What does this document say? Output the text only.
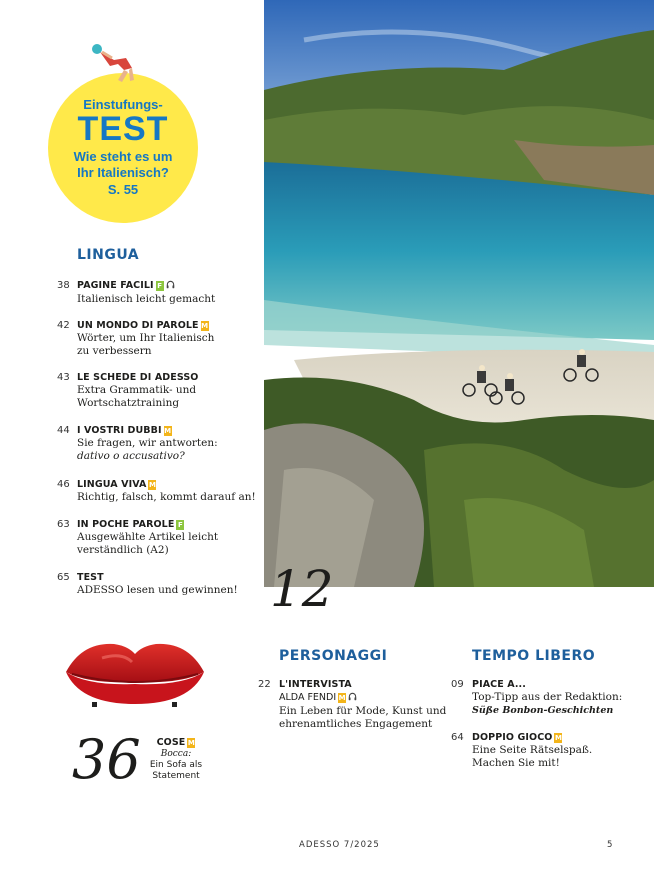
Einstufungs-
TEST
Wie steht es um
Ihr Italienisch?
S. 55
LINGUA
38 PAGINE FACILI F
Italienisch leicht gemacht
42 UN MONDO DI PAROLE M
Wörter, um Ihr Italienisch
zu verbessern
43 LE SCHEDE DI ADESSO
Extra Grammatik- und
Wortschatztraining
44 I VOSTRI DUBBI M
Sie fragen, wir antworten:
dativo o accusativo?
46 LINGUA VIVA M
Richtig, falsch, kommt darauf an!
63 IN POCHE PAROLE F
Ausgewählte Artikel leicht
verständlich (A2)
65 TEST
ADESSO lesen und gewinnen! 12
PERSONAGGI
22 L'INTERVISTA
ALDA FENDI M
Ein Leben für Mode, Kunst und
ehrenamtliches Engagement
TEMPO LIBERO
09 PIACE A...
Top-Tipp aus der Redaktion:
Süße Bonbon-Geschichten
64 DOPPIO GIOCO M
Eine Seite Rätselspaß.
Machen Sie mit!
36	COSE M
Bocca:
Ein Sofa als
Statement
ADESSO 7/2025	5
